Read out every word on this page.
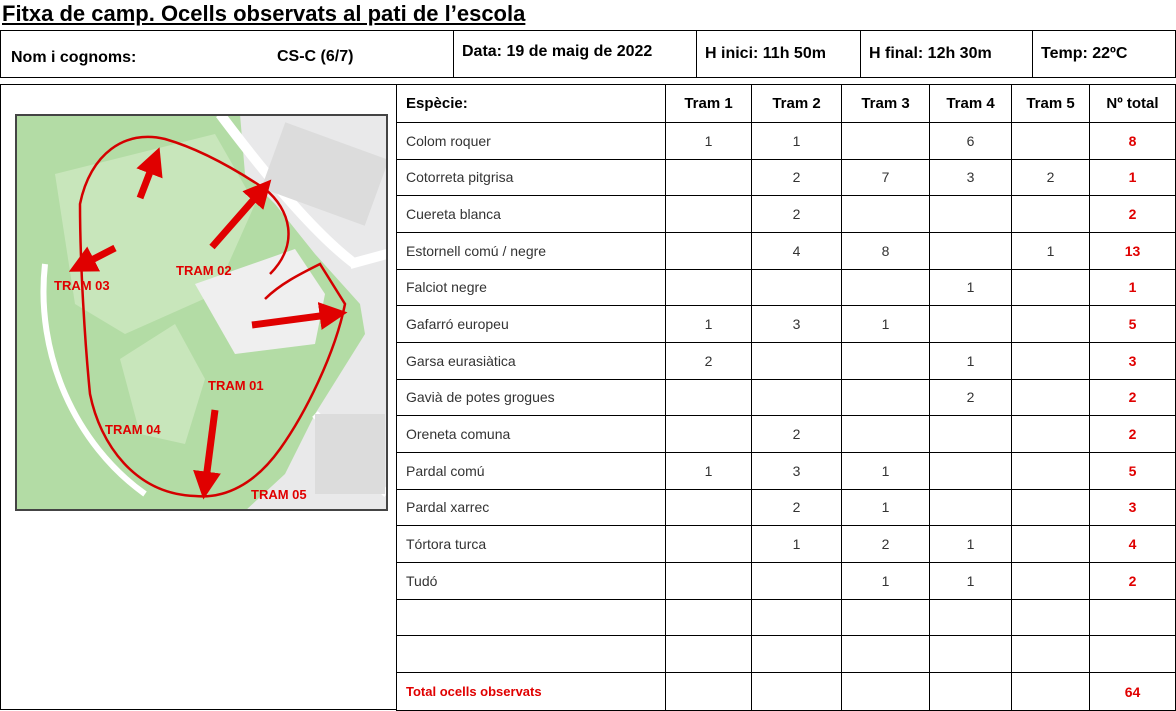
Fitxa de camp. Ocells observats al pati de l’escola
Nom i cognoms:	Data: 19 de maig de 2022	H inici: 11h 50m	H final: 12h 30m	Temp: 22ºC
CS-C (6/7)
TRAM 01
TRAM 02
TRAM 03
TRAM 04
TRAM 05
Espècie:	Tram 1	Tram 2	Tram 3	Tram 4	Tram 5	Nº total
Colom roquer	1	1		6		8
Cotorreta pitgrisa		2	7	3	2	1
Cuereta blanca		2				2
Estornell comú / negre		4	8		1	13
Falciot negre				1		1
Gafarró europeu	1	3	1			5
Garsa eurasiàtica	2			1		3
Gavià de potes grogues				2		2
Oreneta comuna		2				2
Pardal comú	1	3	1			5
Pardal xarrec		2	1			3
Tórtora turca		1	2	1		4
Tudó			1	1		2

Total ocells observats						64
